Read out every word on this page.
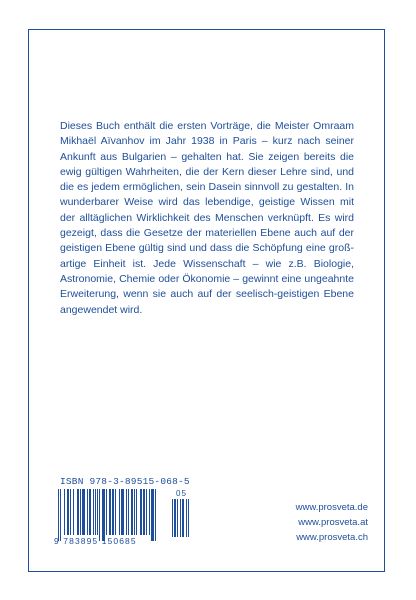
Dieses Buch enthält die ersten Vorträge, die Meister Omraam Mikhaël Aïvanhov im Jahr 1938 in Paris – kurz nach seiner Ankunft aus Bulgarien – gehalten hat. Sie zeigen bereits die ewig gültigen Wahrheiten, die der Kern dieser Lehre sind, und die es jedem ermöglichen, sein Dasein sinnvoll zu gestalten. In wunderbarer Weise wird das lebendige, geistige Wissen mit der alltäglichen Wirklichkeit des Menschen verknüpft. Es wird gezeigt, dass die Gesetze der materiellen Ebene auch auf der geistigen Ebene gültig sind und dass die Schöpfung eine großartige Einheit ist. Jede Wissenschaft – wie z.B. Biologie, Astronomie, Chemie oder Ökonomie – gewinnt eine ungeahnte Erweiterung, wenn sie auch auf der seelisch-geistigen Ebene angewendet wird.

ISBN 978-3-89515-068-5
05
9 783895 150685
www.prosveta.de
www.prosveta.at
www.prosveta.ch
